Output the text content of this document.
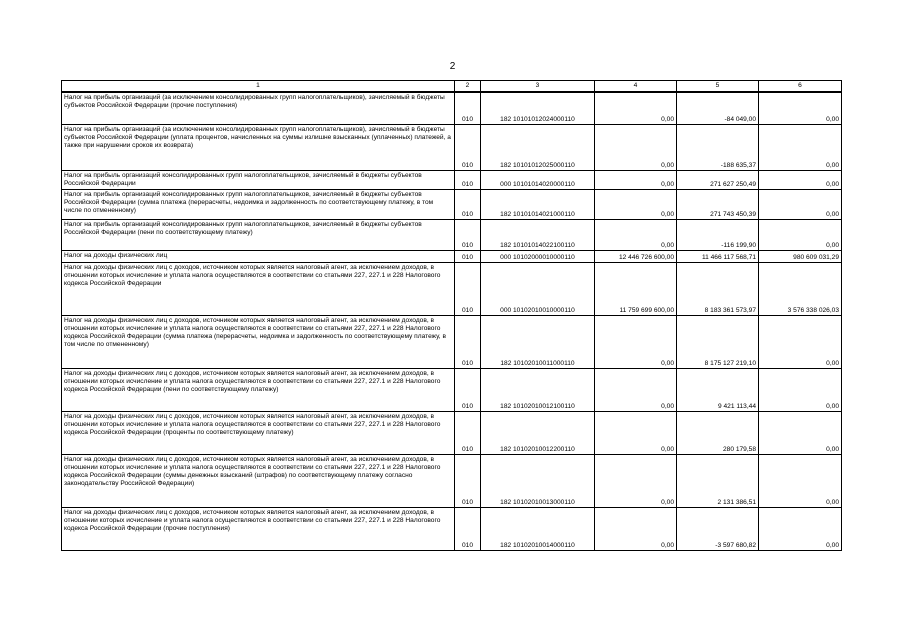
2
1	2	3	4	5	6
Налог на прибыль организаций (за исключением консолидированных групп налогоплательщиков), зачисляемый в бюджеты субъектов Российской Федерации (прочие поступления)	010	182 10101012024000110	0,00	-84 049,00	0,00
Налог на прибыль организаций (за исключением консолидированных групп налогоплательщиков), зачисляемый в бюджеты субъектов Российской Федерации (уплата процентов, начисленных на суммы излишне взысканных (уплаченных) платежей, а также при нарушении сроков их возврата)	010	182 10101012025000110	0,00	-188 635,37	0,00
Налог на прибыль организаций консолидированных групп налогоплательщиков, зачисляемый в бюджеты субъектов Российской Федерации	010	000 10101014020000110	0,00	271 627 250,49	0,00
Налог на прибыль организаций консолидированных групп налогоплательщиков, зачисляемый в бюджеты субъектов Российской Федерации (сумма платежа (перерасчеты, недоимка и задолженность по соответствующему платежу, в том числе по отмененному)	010	182 10101014021000110	0,00	271 743 450,39	0,00
Налог на прибыль организаций консолидированных групп налогоплательщиков, зачисляемый в бюджеты субъектов Российской Федерации (пени по соответствующему платежу)	010	182 10101014022100110	0,00	-116 199,90	0,00
Налог на доходы физических лиц	010	000 10102000010000110	12 446 726 600,00	11 466 117 568,71	980 609 031,29
Налог на доходы физических лиц с доходов, источником которых является налоговый агент, за исключением доходов, в отношении которых исчисление и уплата налога осуществляются в соответствии со статьями 227, 227.1 и 228 Налогового кодекса Российской Федерации	010	000 10102010010000110	11 759 699 600,00	8 183 361 573,97	3 576 338 026,03
Налог на доходы физических лиц с доходов, источником которых является налоговый агент, за исключением доходов, в отношении которых исчисление и уплата налога осуществляются в соответствии со статьями 227, 227.1 и 228 Налогового кодекса Российской Федерации (сумма платежа (перерасчеты, недоимка и задолженность по соответствующему платежу, в том числе по отмененному)	010	182 10102010011000110	0,00	8 175 127 219,10	0,00
Налог на доходы физических лиц с доходов, источником которых является налоговый агент, за исключением доходов, в отношении которых исчисление и уплата налога осуществляются в соответствии со статьями 227, 227.1 и 228 Налогового кодекса Российской Федерации (пени по соответствующему платежу)	010	182 10102010012100110	0,00	9 421 113,44	0,00
Налог на доходы физических лиц с доходов, источником которых является налоговый агент, за исключением доходов, в отношении которых исчисление и уплата налога осуществляются в соответствии со статьями 227, 227.1 и 228 Налогового кодекса Российской Федерации (проценты по соответствующему платежу)	010	182 10102010012200110	0,00	280 179,58	0,00
Налог на доходы физических лиц с доходов, источником которых является налоговый агент, за исключением доходов, в отношении которых исчисление и уплата налога осуществляются в соответствии со статьями 227, 227.1 и 228 Налогового кодекса Российской Федерации (суммы денежных взысканий (штрафов) по соответствующему платежу согласно законодательству Российской Федерации)	010	182 10102010013000110	0,00	2 131 386,51	0,00
Налог на доходы физических лиц с доходов, источником которых является налоговый агент, за исключением доходов, в отношении которых исчисление и уплата налога осуществляются в соответствии со статьями 227, 227.1 и 228 Налогового кодекса Российской Федерации (прочие поступления)	010	182 10102010014000110	0,00	-3 597 680,82	0,00
